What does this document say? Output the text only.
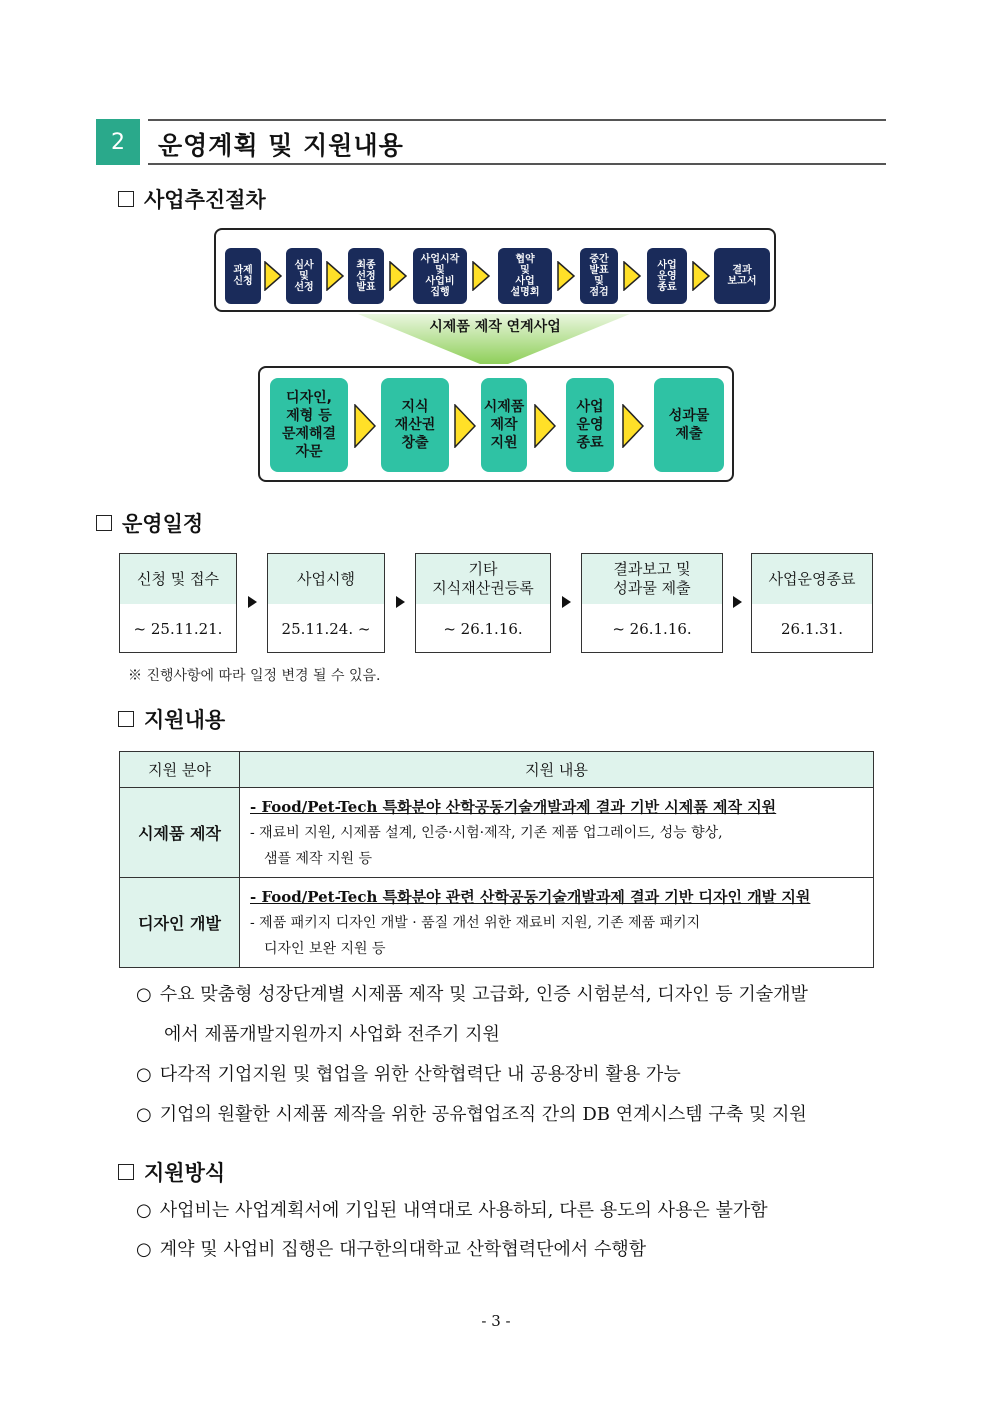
2	운영계획 및 지원내용
사업추진절차
과제
신청
심사
및
선정
최종
선정
발표
사업시작
및
사업비
집행
협약
및
사업
설명회
중간
발표
및
점검
사업
운영
종료
결과
보고서
시제품 제작 연계사업
디자인,
제형 등
문제해결
자문
지식
재산권
창출
시제품
제작
지원
사업
운영
종료
성과물
제출
운영일정
신청 및 접수
~ 25.11.21.
사업시행
25.11.24. ~
기타
지식재산권등록
~ 26.1.16.
결과보고 및
성과물 제출
~ 26.1.16.
사업운영종료
26.1.31.
※ 진행사항에 따라 일정 변경 될 수 있음.
지원내용
지원 분야	지원 내용
시제품 제작	- Food/Pet-Tech 특화분야 산학공동기술개발과제 결과 기반 시제품 제작 지원
- 재료비 지원, 시제품 설계, 인증·시험·제작, 기존 제품 업그레이드, 성능 향상,
샘플 제작 지원 등

디자인 개발	- Food/Pet-Tech 특화분야 관련 산학공동기술개발과제 결과 기반 디자인 개발 지원
- 제품 패키지 디자인 개발 · 품질 개선 위한 재료비 지원, 기존 제품 패키지
디자인 보완 지원 등
○ 수요 맞춤형 성장단계별 시제품 제작 및 고급화, 인증 시험분석, 디자인 등 기술개발
에서 제품개발지원까지 사업화 전주기 지원
○ 다각적 기업지원 및 협업을 위한 산학협력단 내 공용장비 활용 가능
○ 기업의 원활한 시제품 제작을 위한 공유협업조직 간의 DB 연계시스템 구축 및 지원
지원방식
○ 사업비는 사업계획서에 기입된 내역대로 사용하되, 다른 용도의 사용은 불가함
○ 계약 및 사업비 집행은 대구한의대학교 산학협력단에서 수행함
- 3 -
